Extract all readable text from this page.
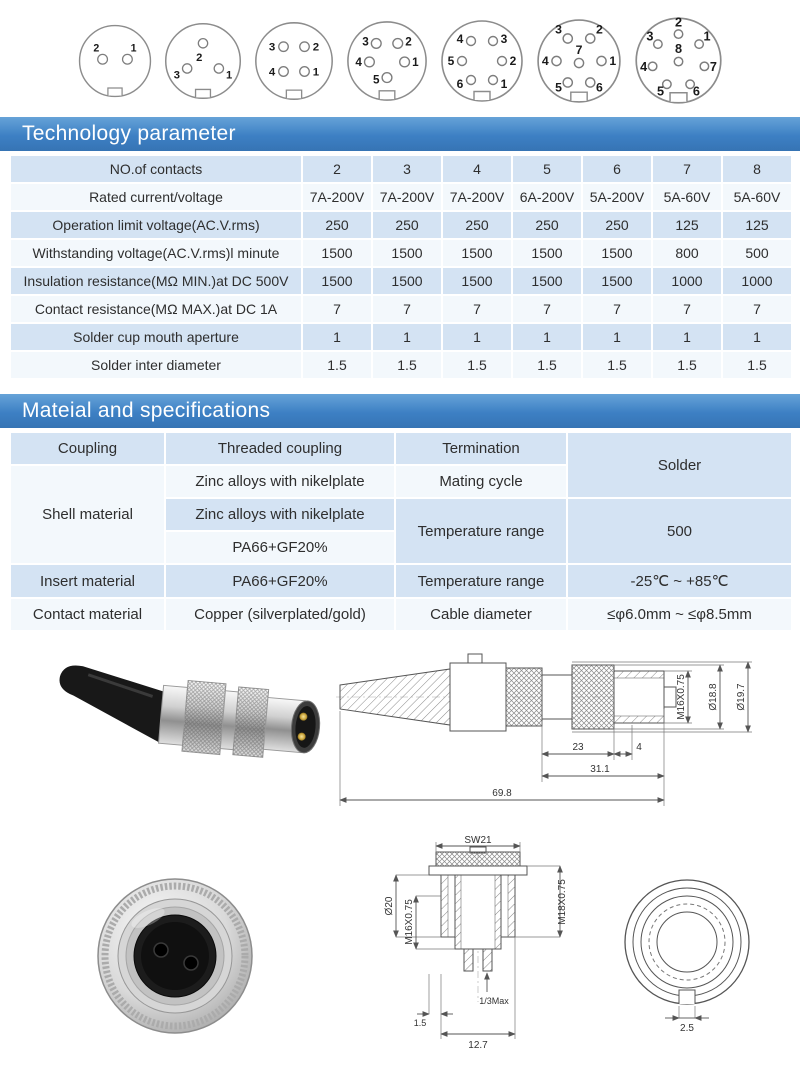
2	1
2
3	1
3	2
4	1
3	2
4	1
5
4	3
5	2
6	1
3	2
4	1
5	6
7
2
1
7
6
5
4
3
8
Technology parameter
NO.of contacts	2	3	4	5	6	7	8
Rated current/voltage	7A-200V	7A-200V	7A-200V	6A-200V	5A-200V	5A-60V	5A-60V
Operation limit voltage(AC.V.rms)	250	250	250	250	250	125	125
Withstanding voltage(AC.V.rms)l minute	1500	1500	1500	1500	1500	800	500
Insulation resistance(MΩ MIN.)at DC 500V	1500	1500	1500	1500	1500	1000	1000
Contact resistance(MΩ MAX.)at DC 1A	7	7	7	7	7	7	7
Solder cup mouth aperture	1	1	1	1	1	1	1
Solder inter diameter	1.5	1.5	1.5	1.5	1.5	1.5	1.5
Mateial and specifications
Coupling	Threaded coupling	Termination	Solder
Shell material	Zinc alloys with nikelplate	Mating cycle	
	Zinc alloys with nikelplate	Temperature range	500
	PA66+GF20%		
Insert material	PA66+GF20%	Temperature range	-25℃ ~ +85℃
Contact material	Copper (silverplated/gold)	Cable diameter	≤φ6.0mm ~ ≤φ8.5mm
23	4
31.1
69.8
M16X0.75 Ø18.8 Ø19.7
SW21
Ø20 M16X0.75	M18X0.75
1.5
1/3Max
12.7
2.5
